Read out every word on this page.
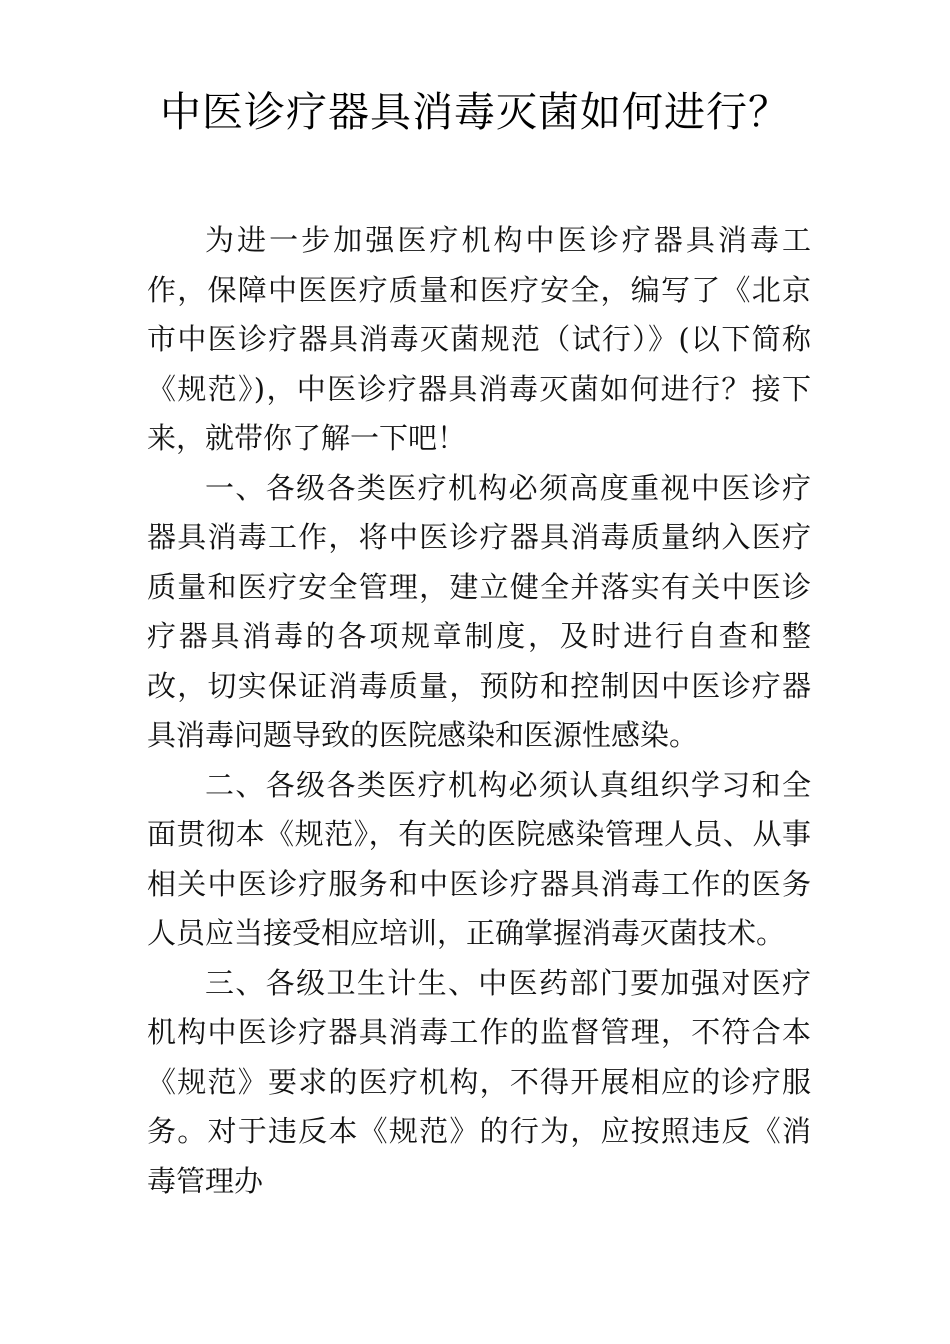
中医诊疗器具消毒灭菌如何进行？

为进一步加强医疗机构中医诊疗器具消毒工作，保障中医医疗质量和医疗安全，编写了《北京市中医诊疗器具消毒灭菌规范（试行）》(以下简称《规范》)，中医诊疗器具消毒灭菌如何进行？接下来，就带你了解一下吧！

一、各级各类医疗机构必须高度重视中医诊疗器具消毒工作，将中医诊疗器具消毒质量纳入医疗质量和医疗安全管理，建立健全并落实有关中医诊疗器具消毒的各项规章制度，及时进行自查和整改，切实保证消毒质量，预防和控制因中医诊疗器具消毒问题导致的医院感染和医源性感染。

二、各级各类医疗机构必须认真组织学习和全面贯彻本《规范》，有关的医院感染管理人员、从事相关中医诊疗服务和中医诊疗器具消毒工作的医务人员应当接受相应培训，正确掌握消毒灭菌技术。

三、各级卫生计生、中医药部门要加强对医疗机构中医诊疗器具消毒工作的监督管理，不符合本《规范》要求的医疗机构，不得开展相应的诊疗服务。对于违反本《规范》的行为，应按照违反《消毒管理办
